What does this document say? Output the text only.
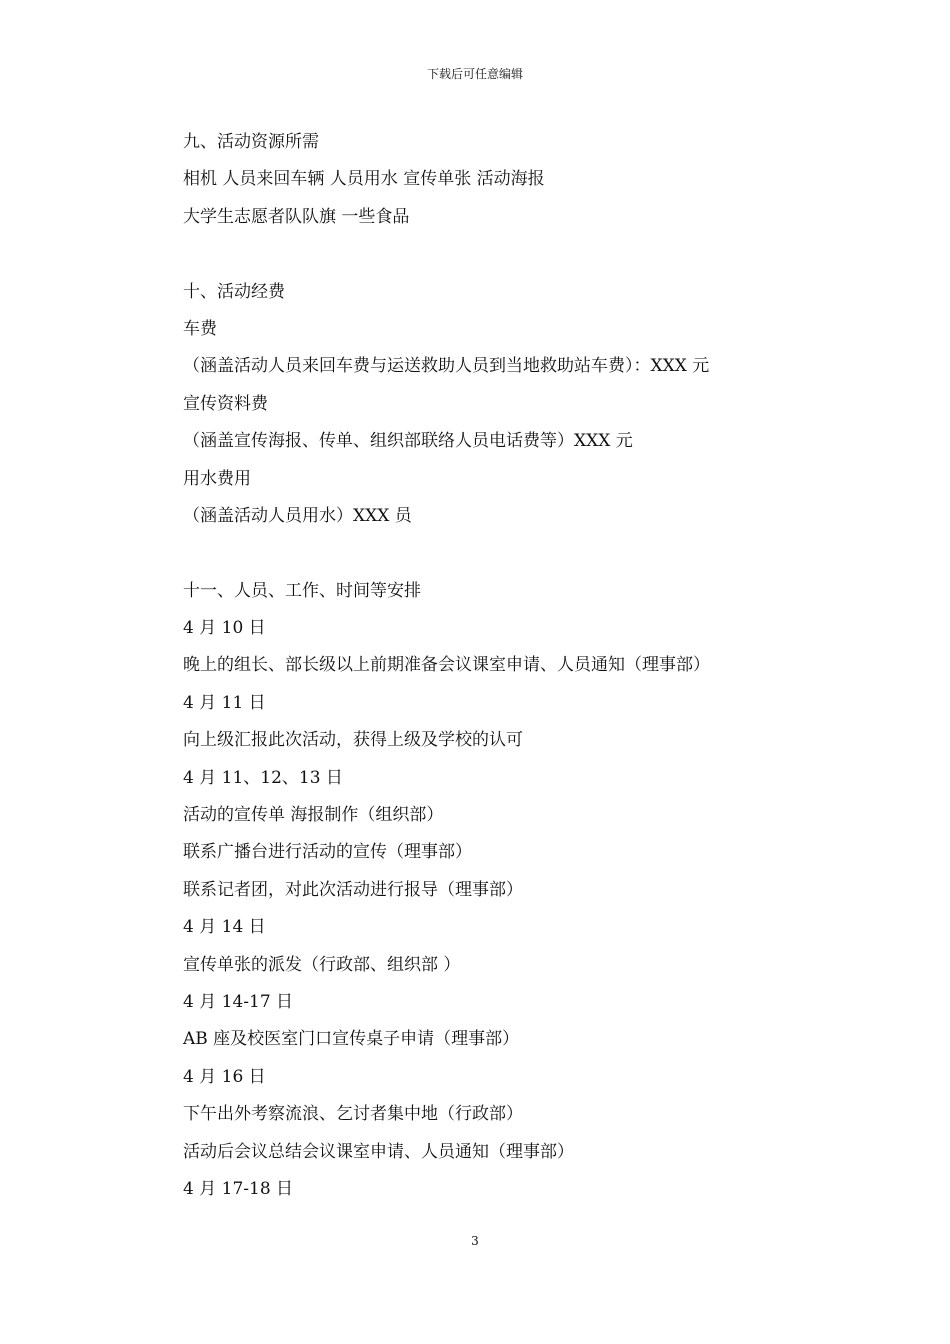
下载后可任意编辑
九、活动资源所需
相机 人员来回车辆 人员用水 宣传单张 活动海报
大学生志愿者队队旗 一些食品
十、活动经费
车费
（涵盖活动人员来回车费与运送救助人员到当地救助站车费）：XXX 元
宣传资料费
（涵盖宣传海报、传单、组织部联络人员电话费等）XXX 元
用水费用
（涵盖活动人员用水）XXX 员
十一、人员、工作、时间等安排
4 月 10 日
晚上的组长、部长级以上前期准备会议课室申请、人员通知（理事部）
4 月 11 日
向上级汇报此次活动，获得上级及学校的认可
4 月 11、12、13 日
活动的宣传单 海报制作（组织部）
联系广播台进行活动的宣传（理事部）
联系记者团，对此次活动进行报导（理事部）
4 月 14 日
宣传单张的派发（行政部、组织部 ）
4 月 14-17 日
AB 座及校医室门口宣传桌子申请（理事部）
4 月 16 日
下午出外考察流浪、乞讨者集中地（行政部）
活动后会议总结会议课室申请、人员通知（理事部）
4 月 17-18 日
3
